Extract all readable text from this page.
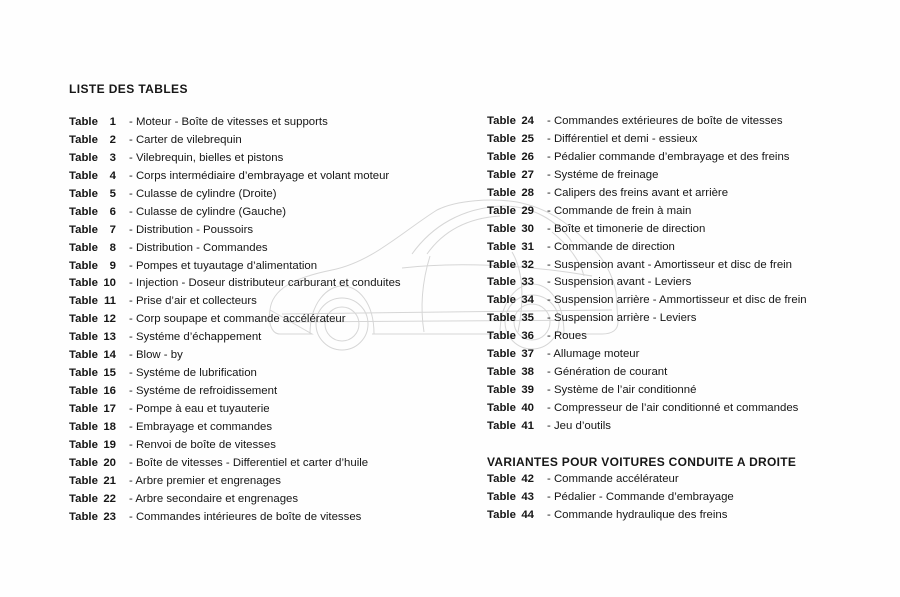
LISTE DES TABLES
Table	1 - Moteur - Boîte de vitesses et supports
Table	2 - Carter de vilebrequin
Table	3 - Vilebrequin, bielles et pistons
Table	4 - Corps intermédiaire d’embrayage et volant moteur
Table	5 - Culasse de cylindre (Droite)
Table	6 - Culasse de cylindre (Gauche)
Table	7 - Distribution - Poussoirs
Table	8 - Distribution - Commandes
Table	9 - Pompes et tuyautage d’alimentation
Table 10 - Injection - Doseur distributeur carburant et conduites
Table 11 - Prise d’air et collecteurs
Table 12 - Corp soupape et commande accélérateur
Table 13 - Systéme d’échappement
Table 14 - Blow - by
Table 15 - Systéme de lubrification
Table 16 - Systéme de refroidissement
Table 17 - Pompe à eau et tuyauterie
Table 18 - Embrayage et commandes
Table 19 - Renvoi de boîte de vitesses
Table 20 - Boîte de vitesses - Differentiel et carter d’huile
Table 21 - Arbre premier et engrenages
Table 22 - Arbre secondaire et engrenages
Table 23 - Commandes intérieures de boîte de vitesses
Table 24 - Commandes extérieures de boîte de vitesses
Table 25 - Différentiel et demi - essieux
Table 26 - Pédalier commande d’embrayage et des freins
Table 27 - Systéme de freinage
Table 28 - Calipers des freins avant et arrière
Table 29 - Commande de frein à main
Table 30 - Boîte et timonerie de direction
Table 31 - Commande de direction
Table 32 - Suspension avant - Amortisseur et disc de frein
Table 33 - Suspension avant - Leviers
Table 34 - Suspension arrière - Ammortisseur et disc de frein
Table 35 - Suspension arrière - Leviers
Table 36 - Roues
Table 37 - Allumage moteur
Table 38 - Génération de courant
Table 39 - Système de l’air conditionné
Table 40 - Compresseur de l’air conditionné et commandes
Table 41 - Jeu d’outils
VARIANTES POUR VOITURES CONDUITE A DROITE
Table 42 - Commande accélérateur
Table 43 - Pédalier - Commande d’embrayage
Table 44 - Commande hydraulique des freins
